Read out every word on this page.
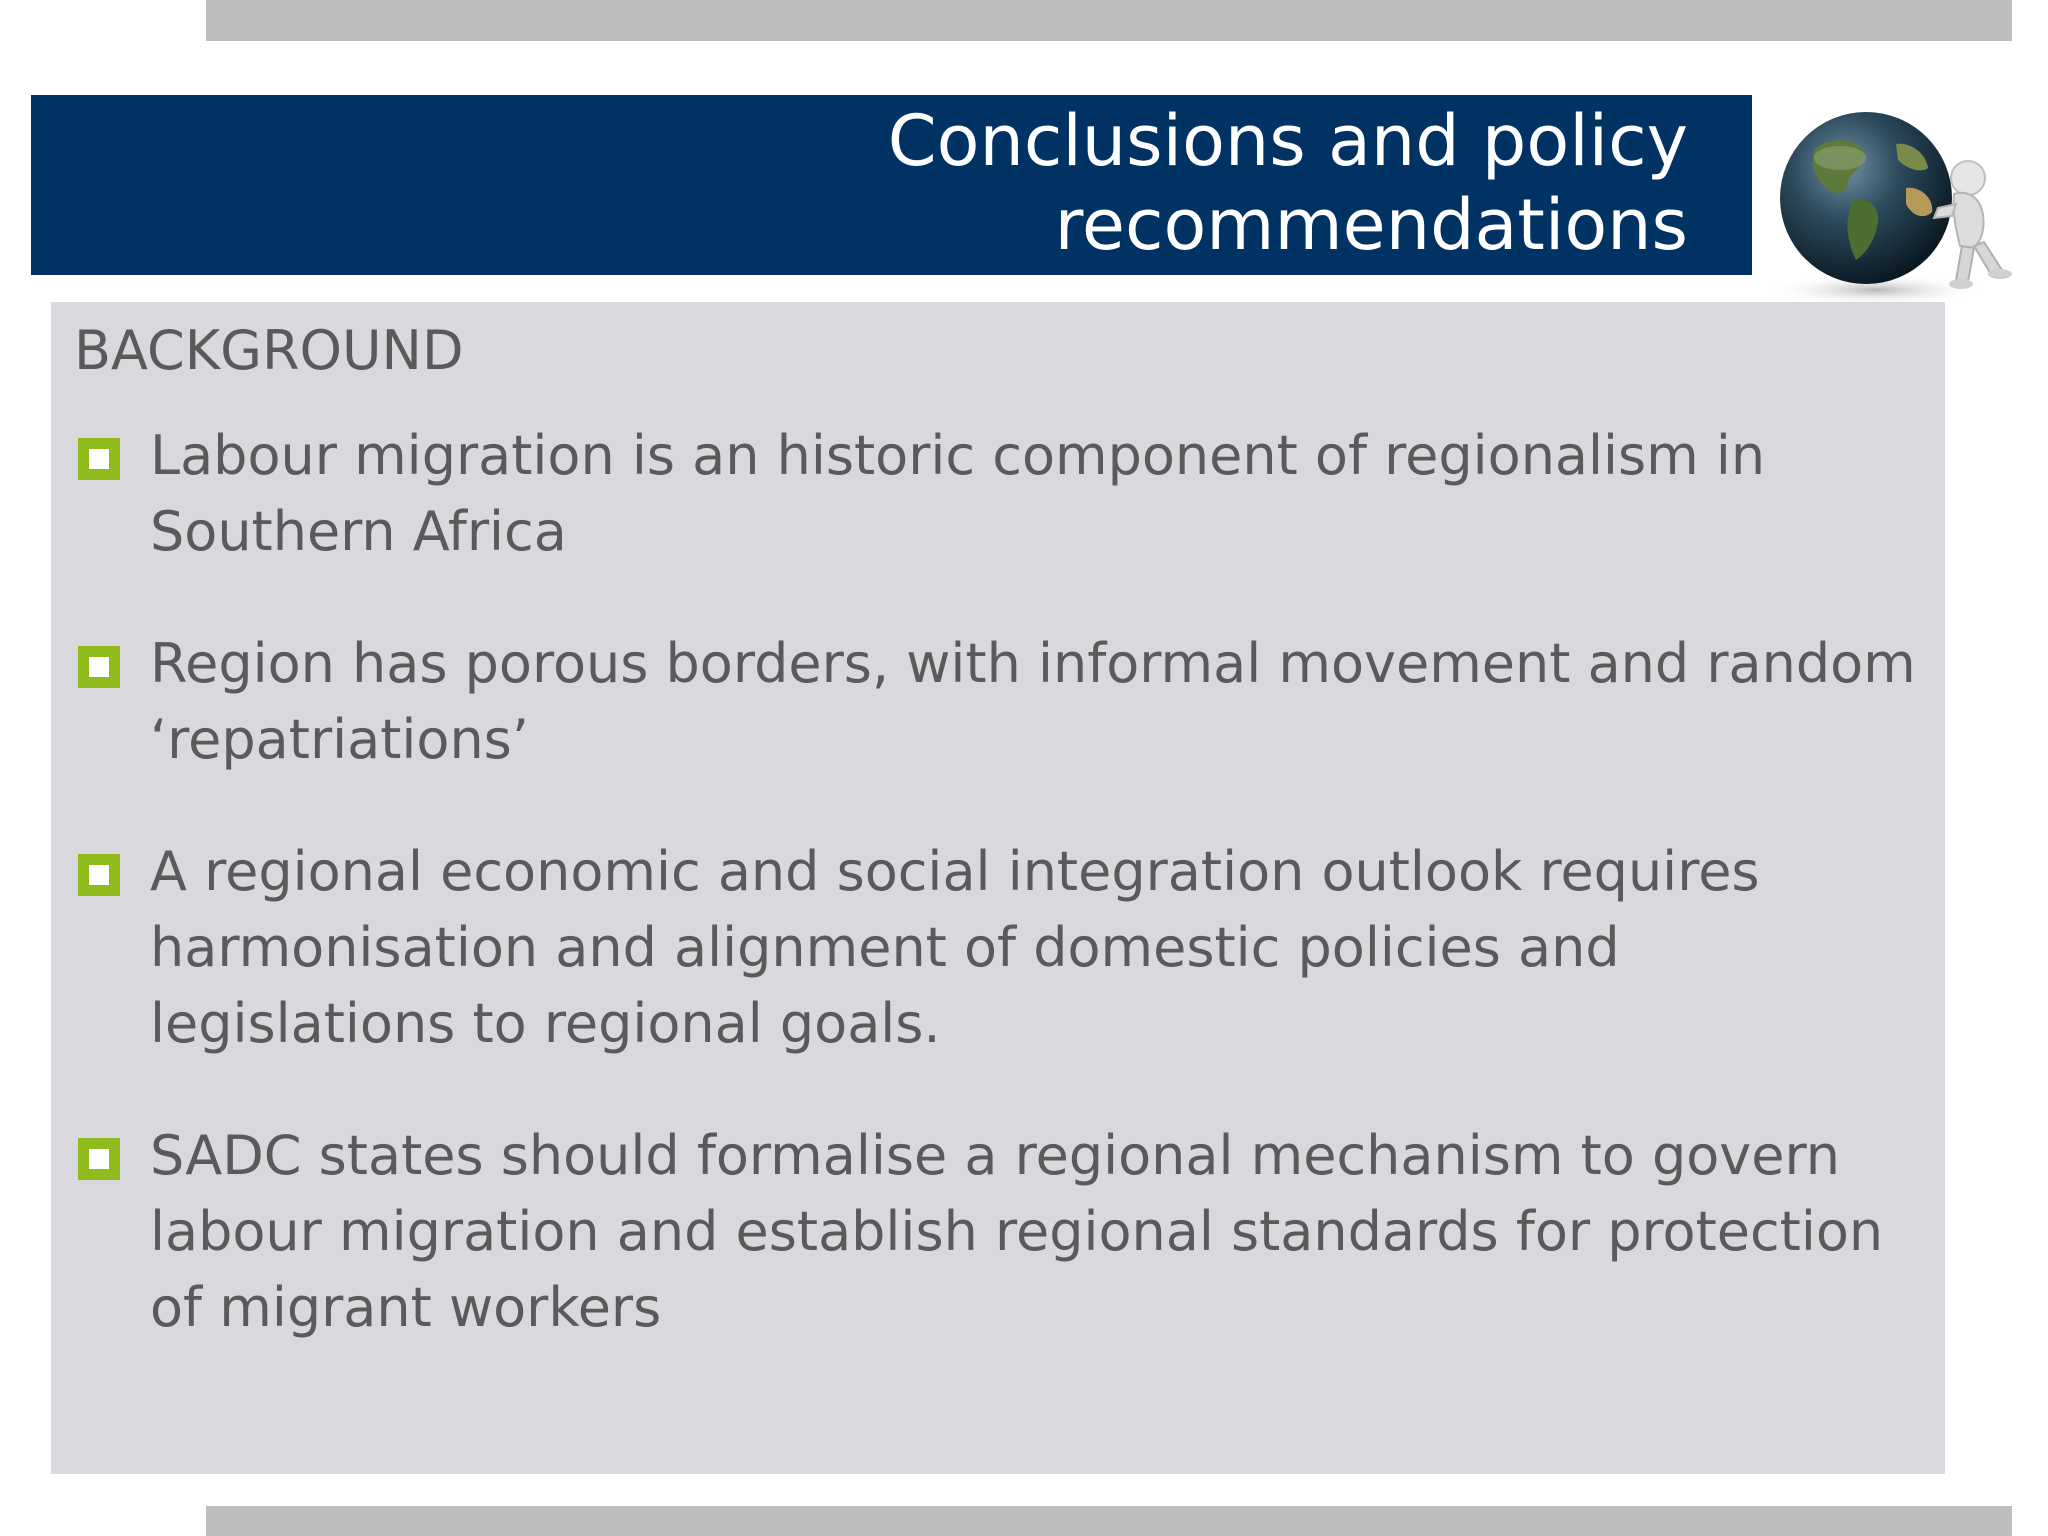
Conclusions and policy
recommendations
BACKGROUND
Labour migration is an historic component of regionalism in Southern Africa
Region has porous borders, with informal movement and random ‘repatriations’
A regional economic and social integration outlook requires harmonisation and alignment of domestic policies and legislations to regional goals.
SADC states should formalise a regional mechanism to govern labour migration and establish regional standards for protection of migrant workers
